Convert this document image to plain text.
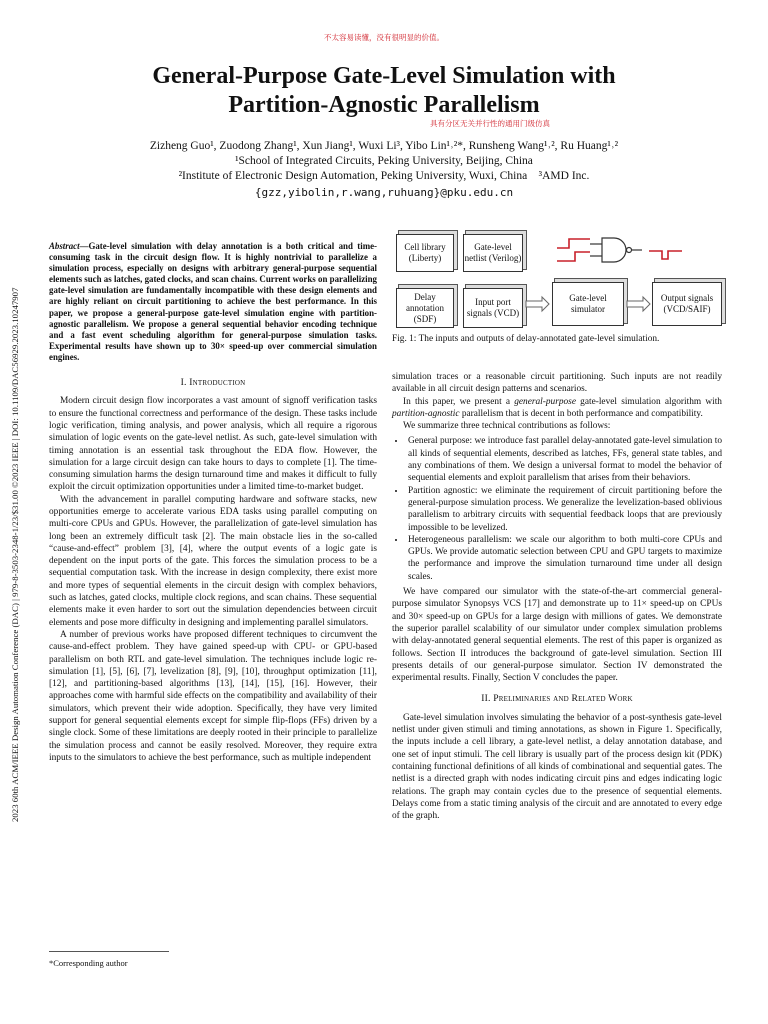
不太容易读懂，没有很明显的价值。
General-Purpose Gate-Level Simulation with
Partition-Agnostic Parallelism
具有分区无关并行性的通用门级仿真
Zizheng Guo¹, Zuodong Zhang¹, Xun Jiang¹, Wuxi Li³, Yibo Lin¹˒²*, Runsheng Wang¹˒², Ru Huang¹˒²
¹School of Integrated Circuits, Peking University, Beijing, China
²Institute of Electronic Design Automation, Peking University, Wuxi, China    ³AMD Inc.
{gzz,yibolin,r.wang,ruhuang}@pku.edu.cn
2023 60th ACM/IEEE Design Automation Conference (DAC) | 979-8-3503-2348-1/23/$31.00 ©2023 IEEE | DOI: 10.1109/DAC56929.2023.10247907
Abstract—Gate-level simulation with delay annotation is a both critical and time-consuming task in the circuit design flow. It is highly nontrivial to parallelize a simulation process, especially on designs with arbitrary general-purpose sequential elements such as latches, gated clocks, and scan chains. Current works on parallelizing gate-level simulation are fundamentally incompatible with these design elements and are highly reliant on circuit partitioning to achieve the best performance. In this paper, we propose a general-purpose gate-level simulation engine with partition-agnostic parallelism. We propose a general sequential behavior encoding technique and a fast event scheduling algorithm for general-purpose simulation tasks. Experimental results have shown up to 30× speed-up over commercial simulation engines.
I. Introduction

Modern circuit design flow incorporates a vast amount of signoff verification tasks to ensure the functional correctness and performance of the design. These tasks include logic verification, timing analysis, and power analysis, which all require a rigorous simulation of logic events on the gate-level netlist. As such, gate-level simulation with timing annotation is an essential task throughout the EDA flow. However, the simulation for a large circuit design can take hours to days to complete [1]. The time-consuming simulation harms the design turnaround time and makes it difficult to fully exploit the circuit optimization opportunities under a limited time-to-market budget.

With the advancement in parallel computing hardware and software stacks, new opportunities emerge to accelerate various EDA tasks using parallel computing on multi-core CPUs and GPUs. However, the parallelization of gate-level simulation has long been an extremely difficult task [2]. The main obstacle lies in the so-called “cause-and-effect” problem [3], [4], where the output events of a logic gate is dependent on the input ports of the gate. This forces the simulation process to be a sequential computation task. With the increase in design complexity, there exist more and more types of sequential elements in the circuit design with complex behaviors, such as latches, gated clocks, multiple clock regions, and scan chains. These sequential elements make it even harder to sort out the simulation dependencies between circuit elements and pose more difficulty in designing and implementing parallel simulators.

A number of previous works have proposed different techniques to circumvent the cause-and-effect problem. They have gained speed-up with CPU- or GPU-based parallelism on both RTL and gate-level simulation. The techniques include logic re-simulation [1], [5], [6], [7], levelization [8], [9], [10], throughput optimization [11], [12], and partitioning-based algorithms [13], [14], [15], [16]. However, their approaches come with harmful side effects on the compatibility and availability of their simulators, which prevent their wide adoption. Specifically, they have very limited support for general sequential elements except for simple flip-flops (FFs) driven by a single clock. Some of these limitations are deeply rooted in their principle to parallelize the simulation process and cannot be easily resolved. Moreover, they require extra inputs to the simulators to achieve the best performance, such as multiple independent

*Corresponding author
Cell library (Liberty)
Gate-level netlist (Verilog)
Delay annotation (SDF)
Input port signals (VCD)
Gate-level simulator
Output signals (VCD/SAIF)
Fig. 1: The inputs and outputs of delay-annotated gate-level simulation.

simulation traces or a reasonable circuit partitioning. Such inputs are not readily available in all circuit design patterns and scenarios.

In this paper, we present a general-purpose gate-level simulation algorithm with partition-agnostic parallelism that is decent in both performance and compatibility.

We summarize three technical contributions as follows:

• General purpose: we introduce fast parallel delay-annotated gate-level simulation to all kinds of sequential elements, described as latches, FFs, general state tables, and any combinations of them. We design a universal format to model the behavior of sequential elements and exploit parallelism that arises from their behaviors.
• Partition agnostic: we eliminate the requirement of circuit partitioning before the general-purpose simulation process. We generalize the levelization-based oblivious parallelism to arbitrary circuits with sequential feedback loops that are previously impossible to be levelized.
• Heterogeneous parallelism: we scale our algorithm to both multi-core CPUs and GPUs. We provide automatic selection between CPU and GPU targets to maximize the performance and improve the simulation turnaround time under all design scales.

We have compared our simulator with the state-of-the-art commercial general-purpose simulator Synopsys VCS [17] and demonstrate up to 11× speed-up on CPUs and 30× speed-up on GPUs for a large design with millions of gates. We demonstrate the superior parallel scalability of our simulator under complex simulation problems with delay-annotated general sequential elements. The rest of this paper is organized as follows. Section II introduces the background of gate-level simulation. Section III presents details of our general-purpose simulator. Section IV demonstrated the experimental results. Finally, Section V concludes the paper.

II. Preliminaries and Related Work

Gate-level simulation involves simulating the behavior of a post-synthesis gate-level netlist under given stimuli and timing annotations, as shown in Figure 1. Specifically, the inputs include a cell library, a gate-level netlist, a delay annotation database, and one set of input stimuli. The cell library is usually part of the process design kit (PDK) containing functional definitions of all kinds of combinational and sequential gates. The netlist is a directed graph with nodes indicating circuit pins and edges indicating logic relations. The graph may contain cycles due to the presence of sequential elements. Delays come from a static timing analysis of the circuit and are annotated to every edge of the graph.
